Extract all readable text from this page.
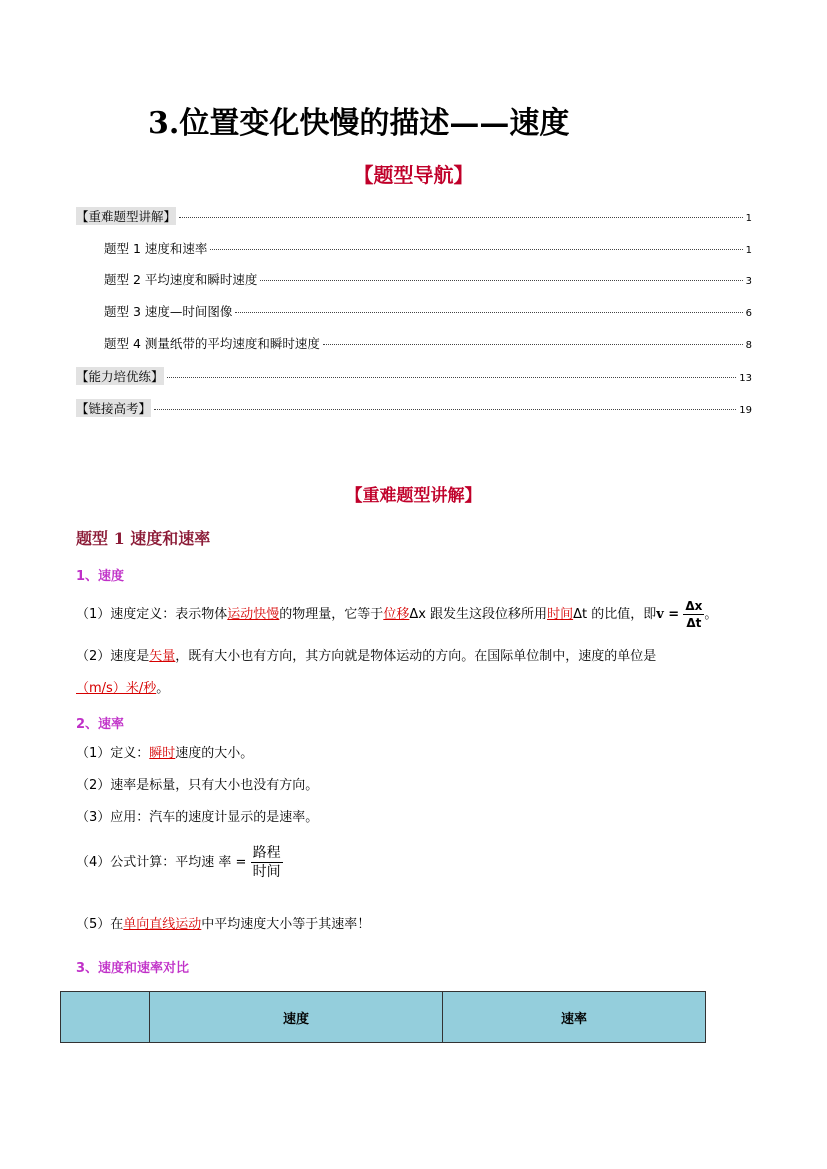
3.位置变化快慢的描述——速度
【题型导航】
【重难题型讲解】	1
题型 1 速度和速率	1
题型 2 平均速度和瞬时速度	3
题型 3 速度—时间图像	6
题型 4 测量纸带的平均速度和瞬时速度	8
【能力培优练】	13
【链接高考】	19
【重难题型讲解】
题型 1 速度和速率
1、速度
（1）速度定义：表示物体运动快慢的物理量，它等于位移Δx 跟发生这段位移所用时间Δt 的比值，即$v = \frac{\Delta x}{\Delta t}$ 。
（2）速度是矢量，既有大小也有方向，其方向就是物体运动的方向。在国际单位制中，速度的单位是
（m/s）米/秒。
2、速率
（1）定义：瞬时速度的大小。
（2）速率是标量，只有大小也没有方向。
（3）应用：汽车的速度计显示的是速率。
（4）公式计算：平均速 率 = $\frac{\text{路程}}{\text{时间}}$
（5）在单向直线运动中平均速度大小等于其速率！
3、速度和速率对比
	速度	速率
